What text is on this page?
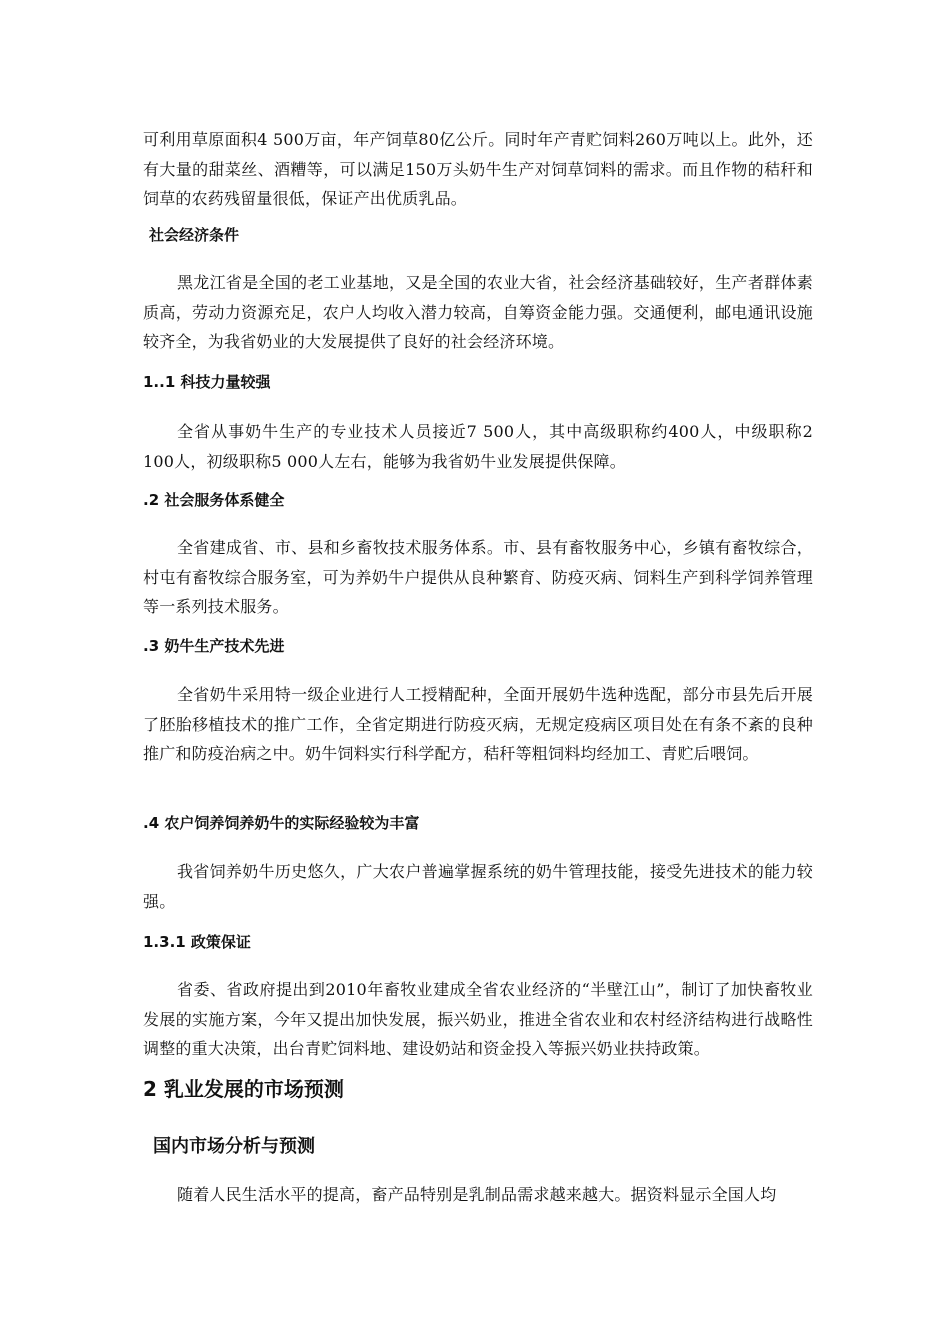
可利用草原面积4 500万亩，年产饲草80亿公斤。同时年产青贮饲料260万吨以上。此外，还有大量的甜菜丝、酒糟等，可以满足150万头奶牛生产对饲草饲料的需求。而且作物的秸秆和饲草的农药残留量很低，保证产出优质乳品。

社会经济条件

黑龙江省是全国的老工业基地，又是全国的农业大省，社会经济基础较好，生产者群体素质高，劳动力资源充足，农户人均收入潜力较高，自筹资金能力强。交通便利，邮电通讯设施较齐全，为我省奶业的大发展提供了良好的社会经济环境。

1..1 科技力量较强

全省从事奶牛生产的专业技术人员接近7 500人，其中高级职称约400人，中级职称2 100人，初级职称5 000人左右，能够为我省奶牛业发展提供保障。

.2 社会服务体系健全

全省建成省、市、县和乡畜牧技术服务体系。市、县有畜牧服务中心，乡镇有畜牧综合，村屯有畜牧综合服务室，可为养奶牛户提供从良种繁育、防疫灭病、饲料生产到科学饲养管理等一系列技术服务。

.3 奶牛生产技术先进

全省奶牛采用特一级企业进行人工授精配种，全面开展奶牛选种选配，部分市县先后开展了胚胎移植技术的推广工作，全省定期进行防疫灭病，无规定疫病区项目处在有条不紊的良种推广和防疫治病之中。奶牛饲料实行科学配方，秸秆等粗饲料均经加工、青贮后喂饲。

.4 农户饲养饲养奶牛的实际经验较为丰富

我省饲养奶牛历史悠久，广大农户普遍掌握系统的奶牛管理技能，接受先进技术的能力较强。

1.3.1 政策保证

省委、省政府提出到2010年畜牧业建成全省农业经济的“半壁江山”，制订了加快畜牧业发展的实施方案，今年又提出加快发展，振兴奶业，推进全省农业和农村经济结构进行战略性调整的重大决策，出台青贮饲料地、建设奶站和资金投入等振兴奶业扶持政策。

2 乳业发展的市场预测
国内市场分析与预测

随着人民生活水平的提高，畜产品特别是乳制品需求越来越大。据资料显示全国人均
